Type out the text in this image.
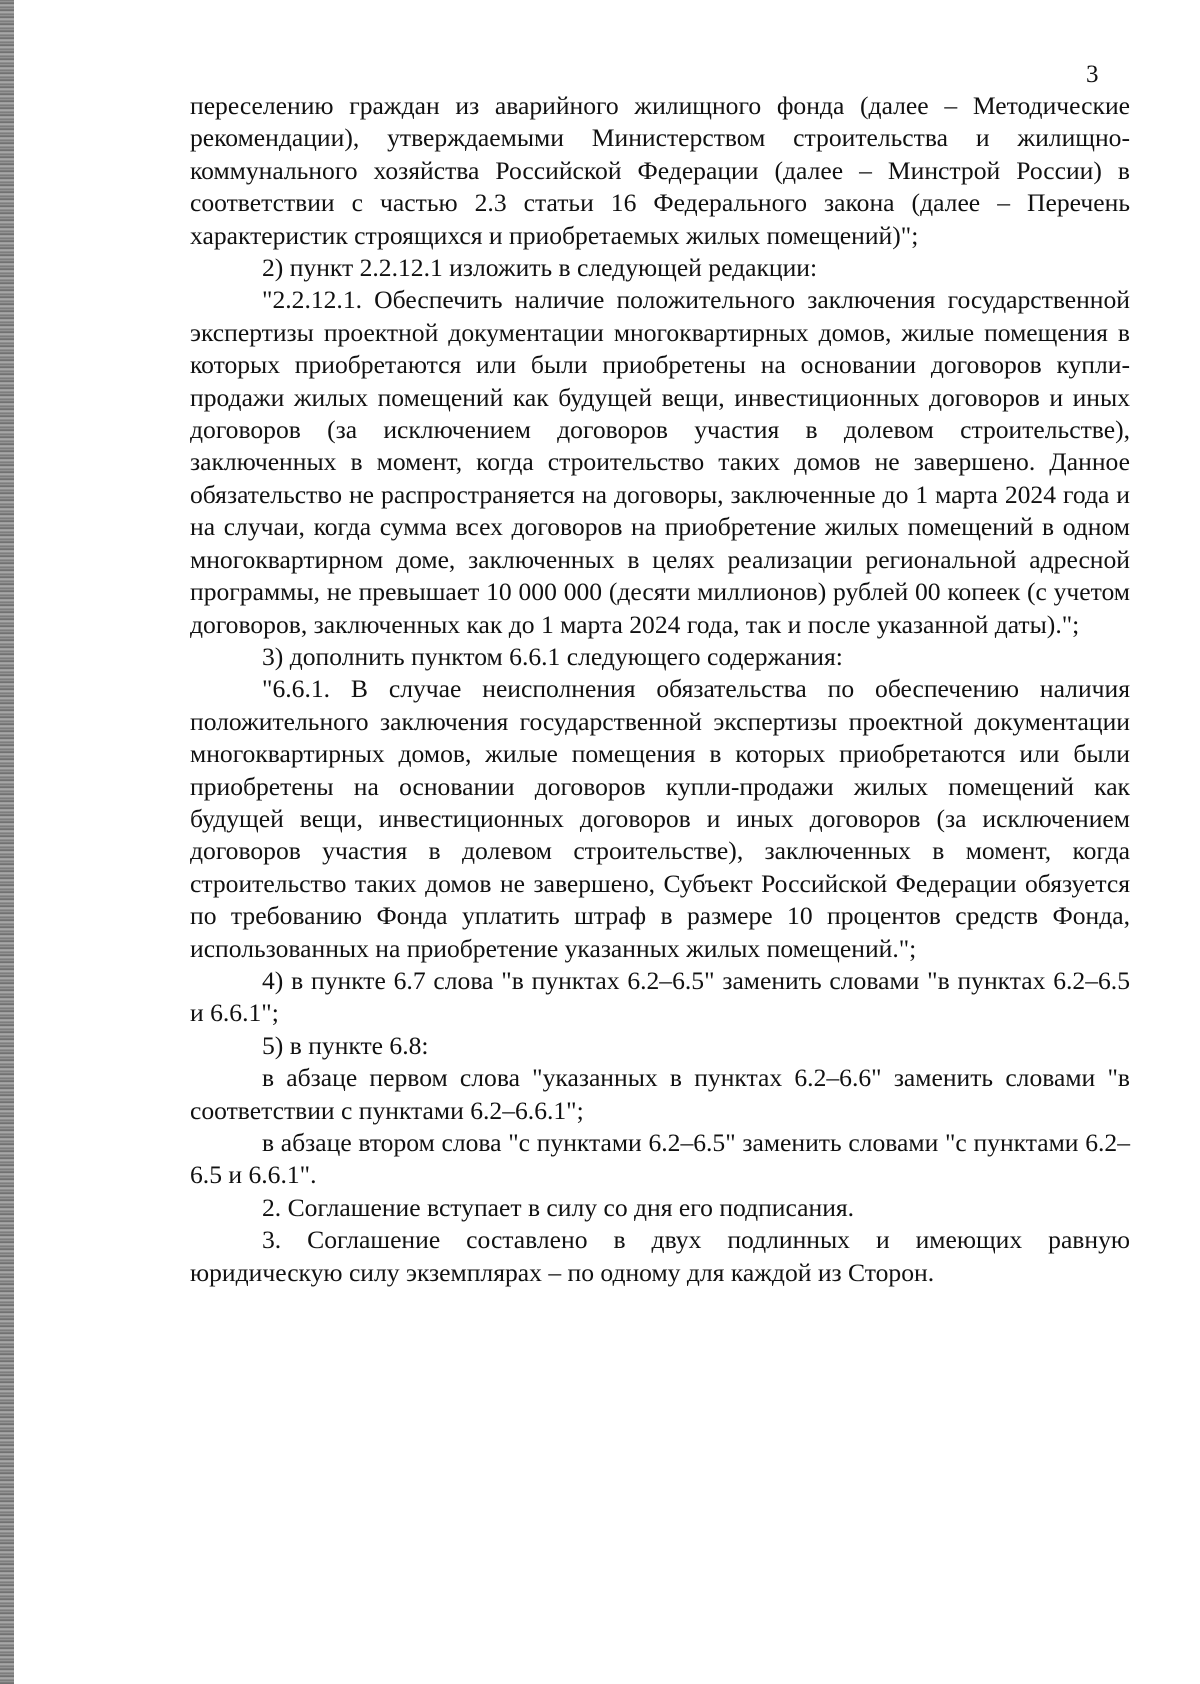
3

переселению граждан из аварийного жилищного фонда (далее – Методические рекомендации), утверждаемыми Министерством строительства и жилищно-коммунального хозяйства Российской Федерации (далее – Минстрой России) в соответствии с частью 2.3 статьи 16 Федерального закона (далее – Перечень характеристик строящихся и приобретаемых жилых помещений)";

2) пункт 2.2.12.1 изложить в следующей редакции:

"2.2.12.1. Обеспечить наличие положительного заключения государственной экспертизы проектной документации многоквартирных домов, жилые помещения в которых приобретаются или были приобретены на основании договоров купли-продажи жилых помещений как будущей вещи, инвестиционных договоров и иных договоров (за исключением договоров участия в долевом строительстве), заключенных в момент, когда строительство таких домов не завершено. Данное обязательство не распространяется на договоры, заключенные до 1 марта 2024 года и на случаи, когда сумма всех договоров на приобретение жилых помещений в одном многоквартирном доме, заключенных в целях реализации региональной адресной программы, не превышает 10 000 000 (десяти миллионов) рублей 00 копеек (с учетом договоров, заключенных как до 1 марта 2024 года, так и после указанной даты).";

3) дополнить пунктом 6.6.1 следующего содержания:

"6.6.1. В случае неисполнения обязательства по обеспечению наличия положительного заключения государственной экспертизы проектной документации многоквартирных домов, жилые помещения в которых приобретаются или были приобретены на основании договоров купли-продажи жилых помещений как будущей вещи, инвестиционных договоров и иных договоров (за исключением договоров участия в долевом строительстве), заключенных в момент, когда строительство таких домов не завершено, Субъект Российской Федерации обязуется по требованию Фонда уплатить штраф в размере 10 процентов средств Фонда, использованных на приобретение указанных жилых помещений.";

4) в пункте 6.7 слова "в пунктах 6.2–6.5" заменить словами "в пунктах 6.2–6.5 и 6.6.1";

5) в пункте 6.8:

в абзаце первом слова "указанных в пунктах 6.2–6.6" заменить словами "в соответствии с пунктами 6.2–6.6.1";

в абзаце втором слова "с пунктами 6.2–6.5" заменить словами "с пунктами 6.2–6.5 и 6.6.1".

2. Соглашение вступает в силу со дня его подписания.

3. Соглашение составлено в двух подлинных и имеющих равную юридическую силу экземплярах – по одному для каждой из Сторон.
